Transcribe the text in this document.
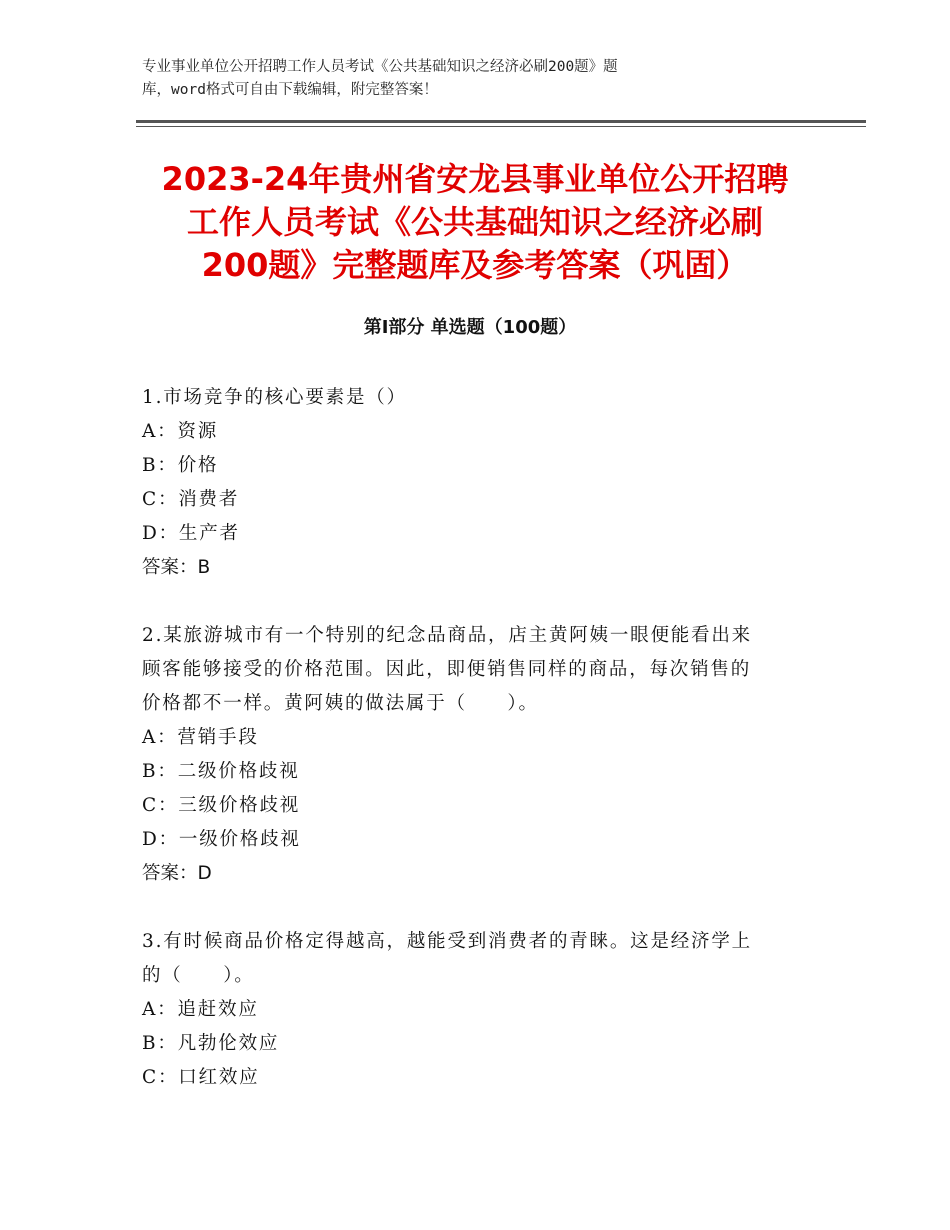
专业事业单位公开招聘工作人员考试《公共基础知识之经济必刷200题》题
库，word格式可自由下载编辑，附完整答案！
2023-24年贵州省安龙县事业单位公开招聘
工作人员考试《公共基础知识之经济必刷
200题》完整题库及参考答案（巩固）
第Ⅰ部分 单选题（100题）

1.市场竞争的核心要素是（）

A：资源

B：价格

C：消费者

D：生产者

答案：B

2.某旅游城市有一个特别的纪念品商品，店主黄阿姨一眼便能看出来

顾客能够接受的价格范围。因此，即便销售同样的商品，每次销售的

价格都不一样。黄阿姨的做法属于（　　）。

A：营销手段

B：二级价格歧视

C：三级价格歧视

D：一级价格歧视

答案：D

3.有时候商品价格定得越高，越能受到消费者的青睐。这是经济学上

的（　　）。

A：追赶效应

B：凡勃伦效应

C：口红效应
